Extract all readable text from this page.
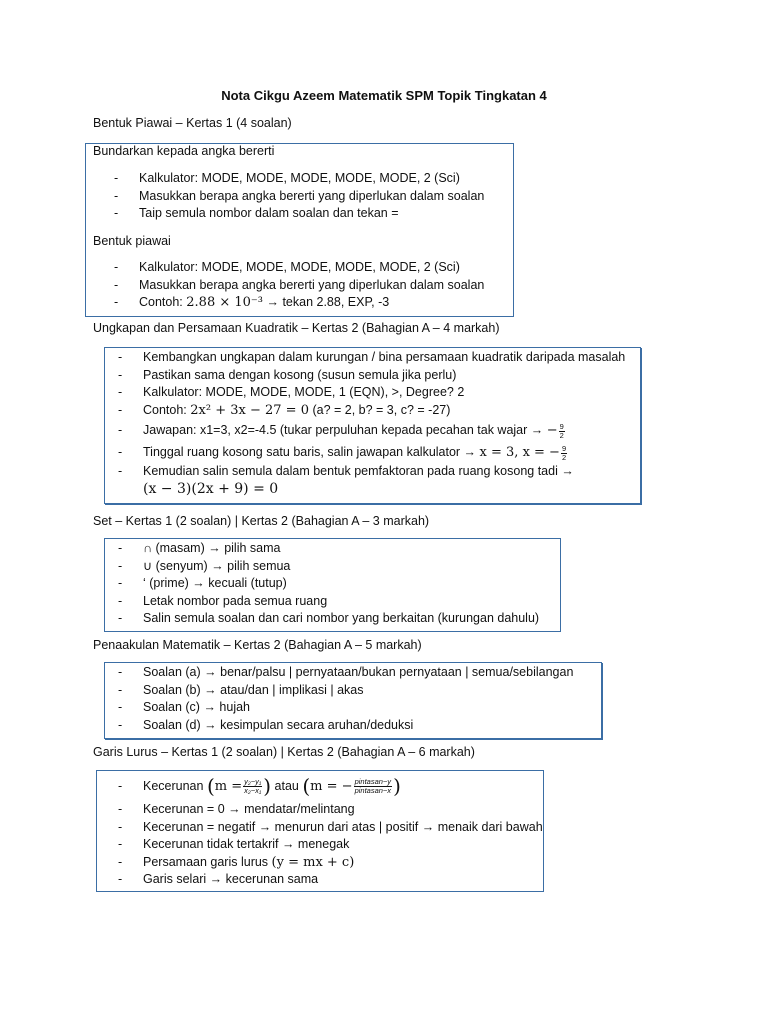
Nota Cikgu Azeem Matematik SPM Topik Tingkatan 4
Bentuk Piawai – Kertas 1 (4 soalan)
Bundarkan kepada angka bererti
- Kalkulator: MODE, MODE, MODE, MODE, MODE, 2 (Sci)
- Masukkan berapa angka bererti yang diperlukan dalam soalan
- Taip semula nombor dalam soalan dan tekan =
Bentuk piawai
- Kalkulator: MODE, MODE, MODE, MODE, MODE, 2 (Sci)
- Masukkan berapa angka bererti yang diperlukan dalam soalan
- Contoh: 2.88 × 10⁻³ → tekan 2.88, EXP, -3
Ungkapan dan Persamaan Kuadratik – Kertas 2 (Bahagian A – 4 markah)
- Kembangkan ungkapan dalam kurungan / bina persamaan kuadratik daripada masalah
- Pastikan sama dengan kosong (susun semula jika perlu)
- Kalkulator: MODE, MODE, MODE, 1 (EQN), >, Degree? 2
- Contoh: 2x² + 3x − 27 = 0 (a? = 2, b? = 3, c? = -27)
- Jawapan: x1=3, x2=-4.5 (tukar perpuluhan kepada pecahan tak wajar → − $\frac{9}{2}$
- Tinggal ruang kosong satu baris, salin jawapan kalkulator → x = 3, x = − $\frac{9}{2}$
- Kemudian salin semula dalam bentuk pemfaktoran pada ruang kosong tadi →
(x − 3)(2x + 9) = 0
Set – Kertas 1 (2 soalan) | Kertas 2 (Bahagian A – 3 markah)
- ∩ (masam) → pilih sama
- ∪ (senyum) → pilih semua
- ‘ (prime) → kecuali (tutup)
- Letak nombor pada semua ruang
- Salin semula soalan dan cari nombor yang berkaitan (kurungan dahulu)
Penaakulan Matematik – Kertas 2 (Bahagian A – 5 markah)
- Soalan (a) → benar/palsu | pernyataan/bukan pernyataan | semua/sebilangan
- Soalan (b) → atau/dan | implikasi | akas
- Soalan (c) → hujah
- Soalan (d) → kesimpulan secara aruhan/deduksi
Garis Lurus – Kertas 1 (2 soalan) | Kertas 2 (Bahagian A – 6 markah)
- Kecerunan ($m = \frac{\text{y₂−y₁}}{\text{x₂−x₁}}$ ) atau (m = − $\frac{\text{pintasan−y}}{\text{pintasan−x}}$ )
- Kecerunan = 0 → mendatar/melintang
- Kecerunan = negatif → menurun dari atas | positif → menaik dari bawah
- Kecerunan tidak tertakrif → menegak
- Persamaan garis lurus (y = mx + c)
- Garis selari → kecerunan sama
